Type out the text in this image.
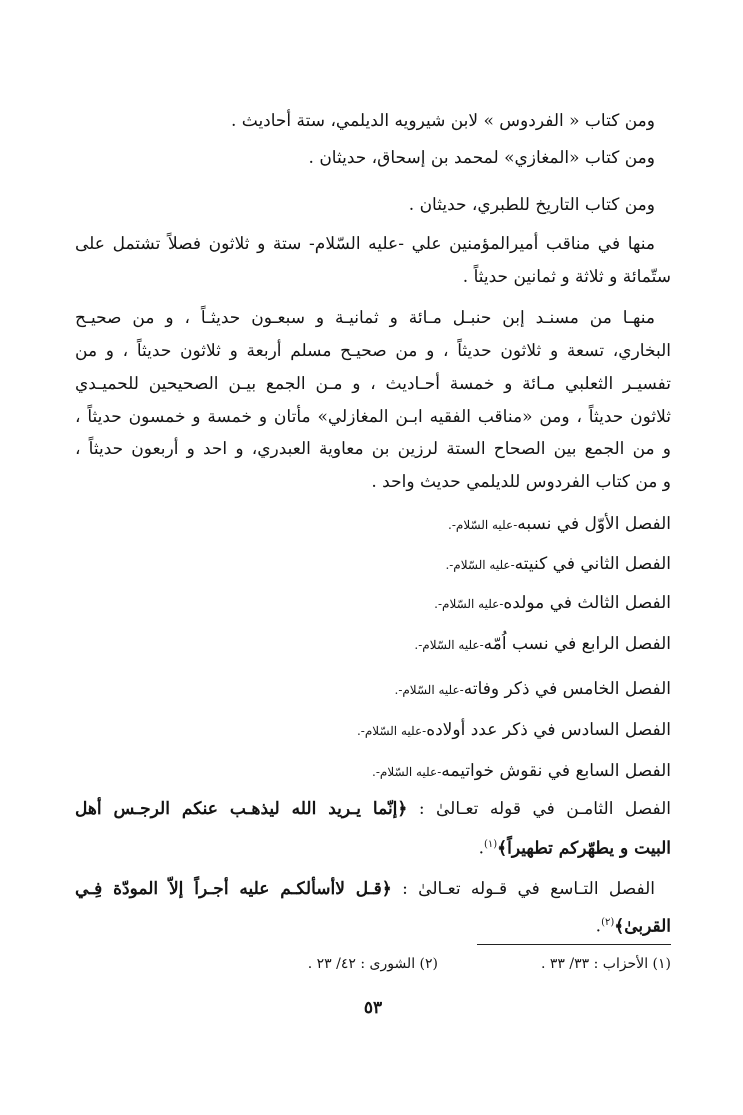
ومن كتاب « الفردوس » لابن شيرويه الديلمي، ستة أحاديث .
ومن كتاب «المغازي» لمحمد بن إسحاق، حديثان .
ومن كتاب التاريخ للطبري، حديثان .
منها في مناقب أميرالمؤمنين علي -عليه السّلام- ستة و ثلاثون فصلاً تشتمل على
ستّمائة و ثلاثة و ثمانين حديثاً .
منهـا من مسنـد إبن حنبـل مـائة و ثمانيـة و سبعـون حديثـاً ، و من صحيـح
البخاري، تسعة و ثلاثون حديثاً ، و من صحيـح مسلم أربعة و ثلاثون حديثاً ، و من
تفسيـر الثعلبي مـائة و خمسة أحـاديث ، و مـن الجمع بيـن الصحيحين للحميـدي
ثلاثون حديثاً ، ومن «مناقب الفقيه ابـن المغازلي» مأتان و خمسة و خمسون حديثاً ،
و من الجمع بين الصحاح الستة لرزين بن معاوية العبدري، و احد و أربعون حديثاً ،
و من كتاب الفردوس للديلمي حديث واحد .
الفصل الأوّل في نسبه-عليه السّلام-.
الفصل الثاني في كنيته-عليه السّلام-.
الفصل الثالث في مولده-عليه السّلام-.
الفصل الرابع في نسب اُمّه-عليه السّلام-.
الفصل الخامس في ذكر وفاته-عليه السّلام-.
الفصل السادس في ذكر عدد أولاده-عليه السّلام-.
الفصل السابع في نقوش خواتيمه-عليه السّلام-.
الفصل الثامـن في قوله تعـالىٰ : ﴿إنّما يـريد الله ليذهـب عنكم الرجـس أهل
البيت و يطهّركم تطهيراً﴾$^{(١)}$.
الفصل التـاسع في قـوله تعـالىٰ : ﴿قـل لاأسألكـم عليه أجـراً إلاّ المودّة فِـي
القربىٰ﴾$^{(٢)}$.
(١) الأحزاب : ٣٣/ ٣٣ .
(٢) الشورى : ٤٢/ ٢٣ .
٥٣
